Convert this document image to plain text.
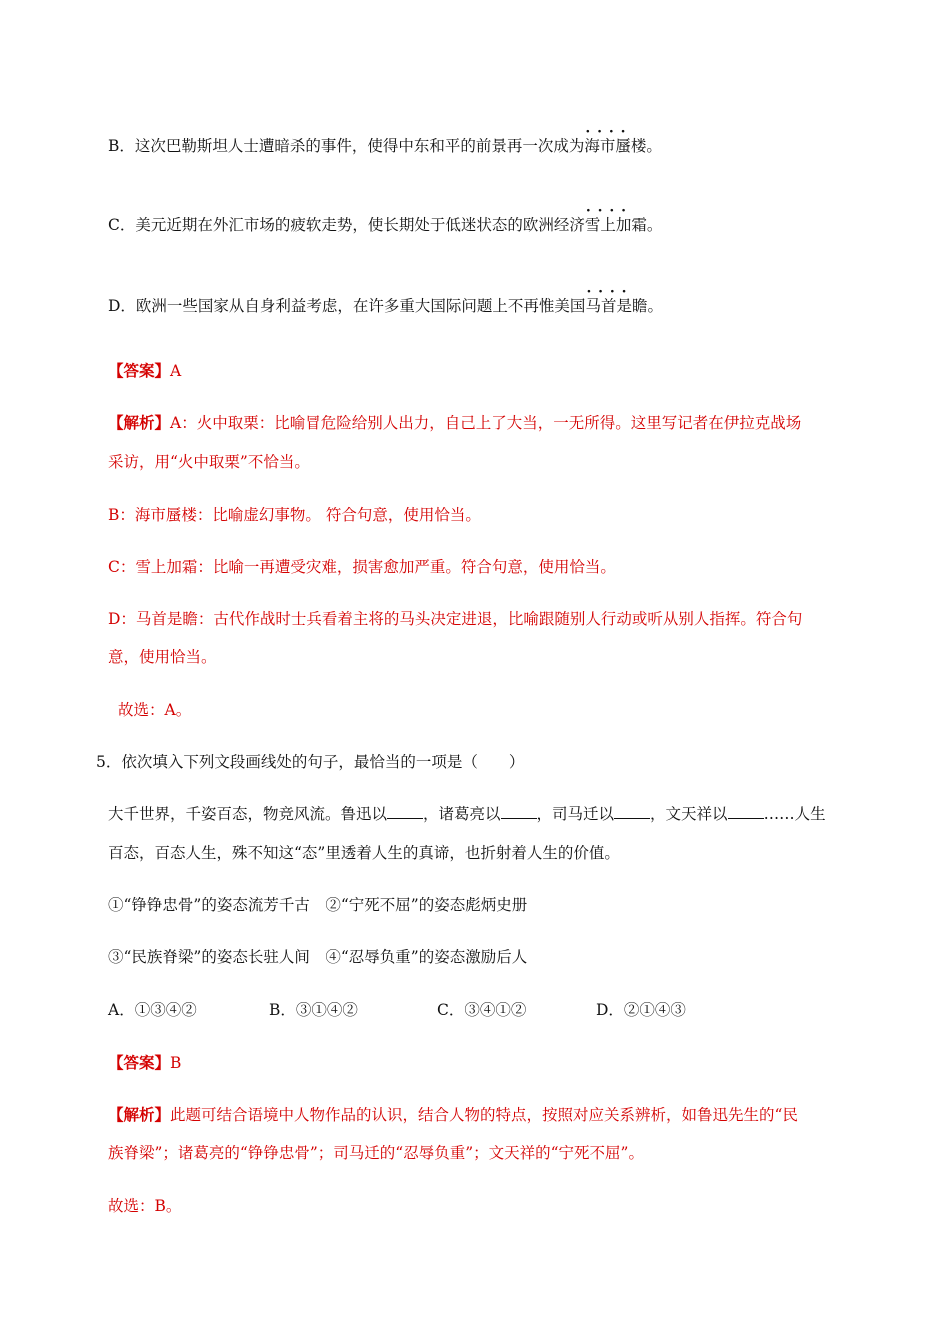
B．这次巴勒斯坦人士遭暗杀的事件，使得中东和平的前景再一次成为· · · · 海市蜃楼。
C．美元近期在外汇市场的疲软走势，使长期处于低迷状态的欧洲经济· · · · 雪上加霜。
D．欧洲一些国家从自身利益考虑，在许多重大国际问题上不再惟美国· · · · 马首是瞻。
【答案】A
【解析】A：火中取栗：比喻冒危险给别人出力，自己上了大当，一无所得。这里写记者在伊拉克战场
采访，用“火中取栗”不恰当。
B：海市蜃楼：比喻虚幻事物。 符合句意，使用恰当。
C：雪上加霜：比喻一再遭受灾难，损害愈加严重。符合句意，使用恰当。
D：马首是瞻：古代作战时士兵看着主将的马头决定进退，比喻跟随别人行动或听从别人指挥。符合句
意，使用恰当。
故选：A。
5．依次填入下列文段画线处的句子，最恰当的一项是（　　）
大千世界，千姿百态，物竞风流。鲁迅以 ，诸葛亮以 ，司马迁以 ，文天祥以 ……人生
百态，百态人生，殊不知这“态”里透着人生的真谛，也折射着人生的价值。
①“铮铮忠骨”的姿态流芳千古　②“宁死不屈”的姿态彪炳史册
③“民族脊梁”的姿态长驻人间　④“忍辱负重”的姿态激励后人
A．①③④②	B．③①④②	C．③④①②	D．②①④③
【答案】B
【解析】此题可结合语境中人物作品的认识，结合人物的特点，按照对应关系辨析，如鲁迅先生的“民
族脊梁”；诸葛亮的“铮铮忠骨”；司马迁的“忍辱负重”；文天祥的“宁死不屈”。
故选：B。
